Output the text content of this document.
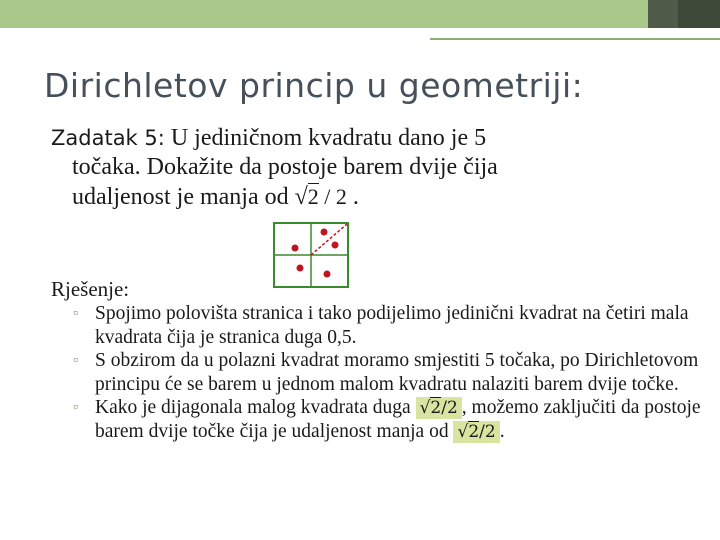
Dirichletov princip u geometriji:
Zadatak 5: U jediničnom kvadratu dano je 5
točaka. Dokažite da postoje barem dvije čija
udaljenost je manja od √2 / 2 .
Rješenje:
▫ Spojimo polovišta stranica i tako podijelimo jedinični kvadrat na četiri mala kvadrata čija je stranica duga 0,5.
▫ S obzirom da u polazni kvadrat moramo smjestiti 5 točaka, po Dirichletovom principu će se barem u jednom malom kvadratu nalaziti barem dvije točke.
▫ Kako je dijagonala malog kvadrata duga √2/2 , možemo zaključiti da postoje barem dvije točke čija je udaljenost manja od √2/2 .
